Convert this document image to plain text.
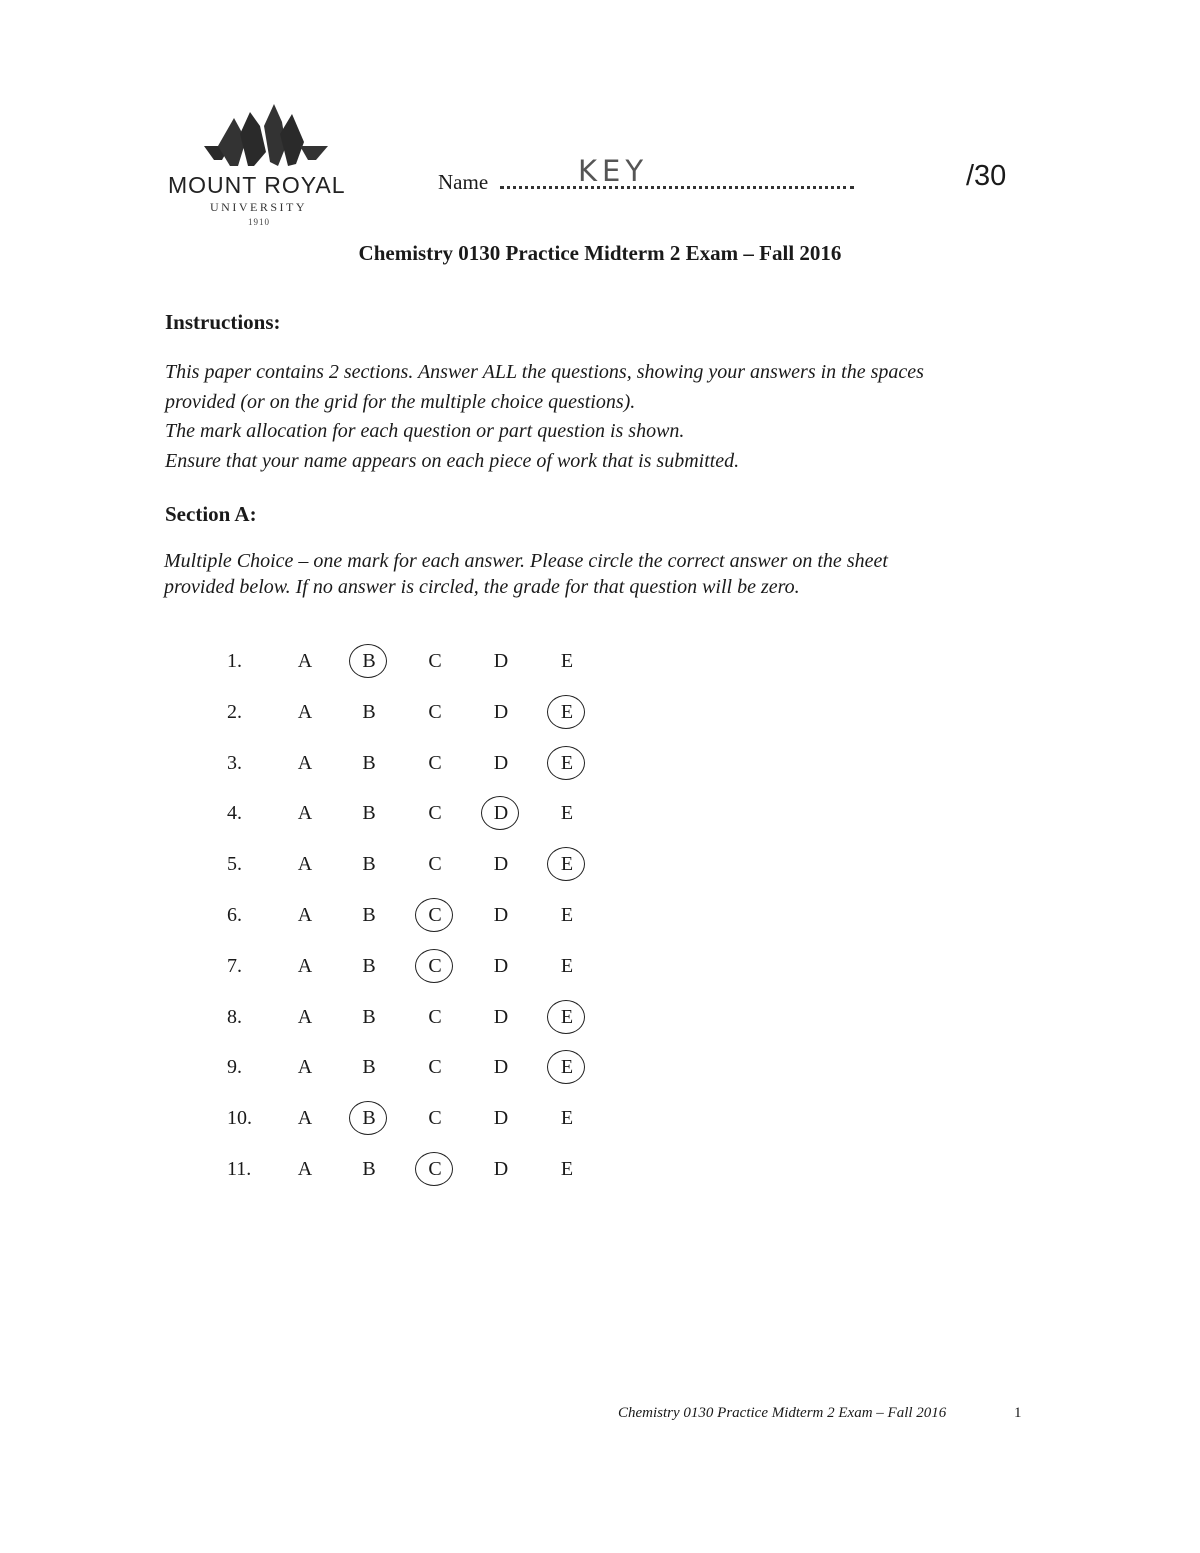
MOUNT ROYAL
UNIVERSITY
1910
Name	KEY	/30
Chemistry 0130 Practice Midterm 2 Exam – Fall 2016
Instructions:
This paper contains 2 sections. Answer ALL the questions, showing your answers in the spaces
provided (or on the grid for the multiple choice questions).
The mark allocation for each question or part question is shown.
Ensure that your name appears on each piece of work that is submitted.
Section A:
Multiple Choice – one mark for each answer. Please circle the correct answer on the sheet
provided below. If no answer is circled, the grade for that question will be zero.
1.	A	B	C	D	E
2.	A	B	C	D	E
3.	A	B	C	D	E
4.	A	B	C	D	E
5.	A	B	C	D	E
6.	A	B	C	D	E
7.	A	B	C	D	E
8.	A	B	C	D	E
9.	A	B	C	D	E
10. A	B	C	D	E
11. A	B	C	D	E
Chemistry 0130 Practice Midterm 2 Exam – Fall 2016	1
